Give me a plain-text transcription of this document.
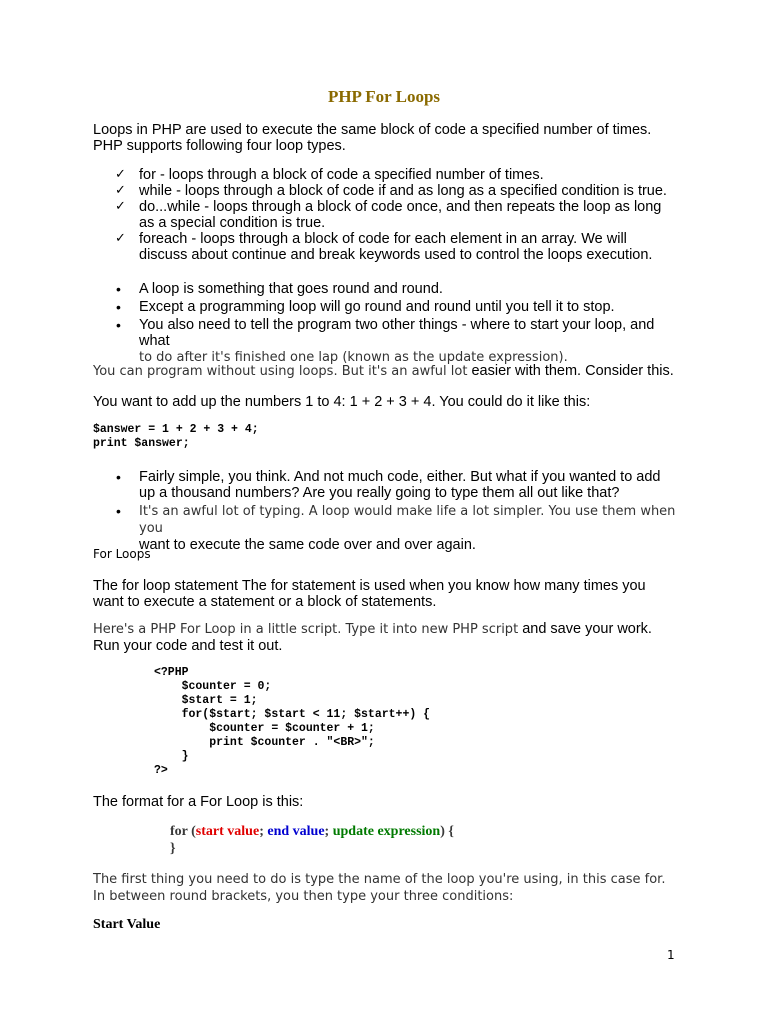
PHP For Loops
Loops in PHP are used to execute the same block of code a specified number of times. PHP supports following four loop types.
✓ for - loops through a block of code a specified number of times.
✓ while - loops through a block of code if and as long as a specified condition is true.
✓ do...while - loops through a block of code once, and then repeats the loop as long as a special condition is true.
✓ foreach - loops through a block of code for each element in an array. We will discuss about continue and break keywords used to control the loops execution.
• A loop is something that goes round and round.
• Except a programming loop will go round and round until you tell it to stop.
• You also need to tell the program two other things - where to start your loop, and what
to do after it's finished one lap (known as the update expression).
You can program without using loops. But it's an awful lot easier with them. Consider this.
You want to add up the numbers 1 to 4: 1 + 2 + 3 + 4. You could do it like this:
$answer = 1 + 2 + 3 + 4;
print $answer;
• Fairly simple, you think. And not much code, either. But what if you wanted to add up a thousand numbers? Are you really going to type them all out like that?
• It's an awful lot of typing. A loop would make life a lot simpler. You use them when you
want to execute the same code over and over again.
For Loops
The for loop statement The for statement is used when you know how many times you want to execute a statement or a block of statements.
Here's a PHP For Loop in a little script. Type it into new PHP script and save your work. Run your code and test it out.
<?PHP
$counter = 0;
$start = 1;
for($start; $start < 11; $start++) {
$counter = $counter + 1;
print $counter . "<BR>";
}
?>
The format for a For Loop is this:
for (start value; end value; update expression) {
}
The first thing you need to do is type the name of the loop you're using, in this case for. In between round brackets, you then type your three conditions:
Start Value
1
